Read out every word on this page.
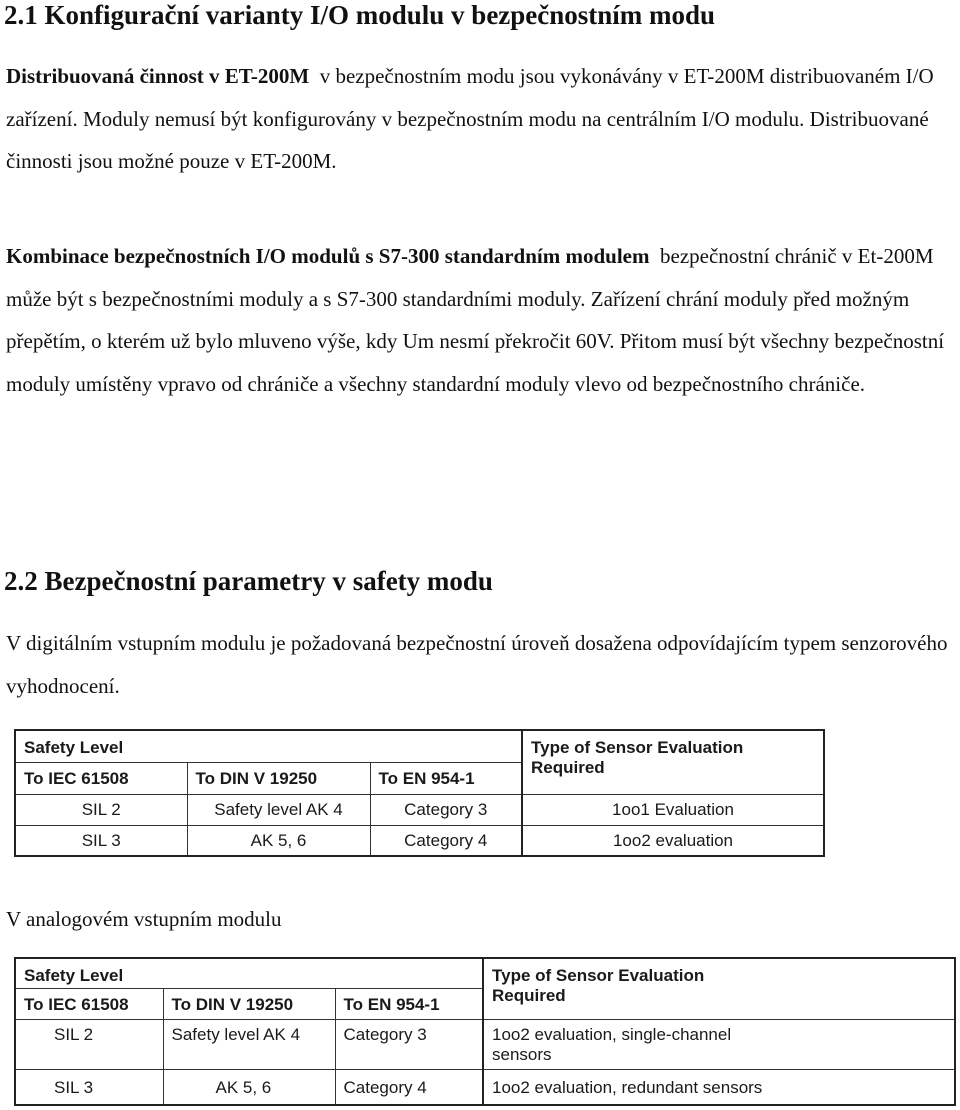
2.1 Konfigurační varianty I/O modulu v bezpečnostním modu

Distribuovaná činnost v ET-200M  v bezpečnostním modu jsou vykonávány v ET-200M distribuovaném I/O zařízení. Moduly nemusí být konfigurovány v bezpečnostním modu na centrálním I/O modulu. Distribuované činnosti jsou možné pouze v ET-200M.

Kombinace bezpečnostních I/O modulů s S7-300 standardním modulem  bezpečnostní chránič v Et-200M může být s bezpečnostními moduly a s S7-300 standardními moduly. Zařízení chrání moduly před možným přepětím, o kterém už bylo mluveno výše, kdy Um nesmí překročit 60V. Přitom musí být všechny bezpečnostní moduly umístěny vpravo od chrániče a všechny standardní moduly vlevo od bezpečnostního chrániče.

2.2 Bezpečnostní parametry v safety modu

V digitálním vstupním modulu je požadovaná bezpečnostní úroveň dosažena odpovídajícím typem senzorového vyhodnocení.

Safety Level			Type of Sensor Evaluation
Required

To IEC 61508	To DIN V 19250	To EN 954-1	
SIL 2	Safety level AK 4	Category 3	1oo1 Evaluation
SIL 3	AK 5, 6	Category 4	1oo2 evaluation

V analogovém vstupním modulu

Safety Level			Type of Sensor Evaluation
Required

To IEC 61508	To DIN V 19250	To EN 954-1	
SIL 2	Safety level AK 4	Category 3	1oo2 evaluation, single-channel
sensors

SIL 3	AK 5, 6	Category 4	1oo2 evaluation, redundant sensors
